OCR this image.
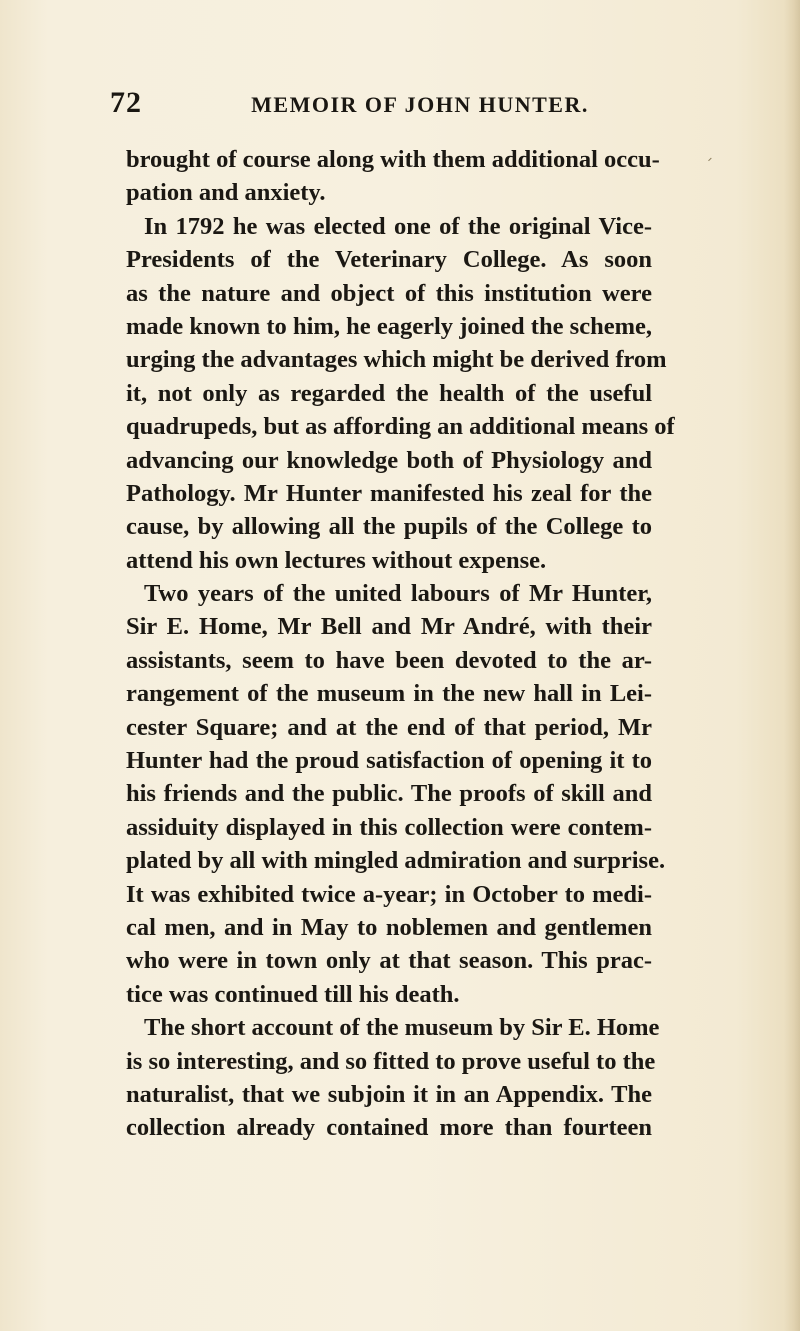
72	MEMOIR OF JOHN HUNTER.
brought of course along with them additional occu-
pation and anxiety.
In 1792 he was elected one of the original Vice-
Presidents of the Veterinary College. As soon
as the nature and object of this institution were
made known to him, he eagerly joined the scheme,
urging the advantages which might be derived from
it, not only as regarded the health of the useful
quadrupeds, but as affording an additional means of
advancing our knowledge both of Physiology and
Pathology. Mr Hunter manifested his zeal for the
cause, by allowing all the pupils of the College to
attend his own lectures without expense.
Two years of the united labours of Mr Hunter,
Sir E. Home, Mr Bell and Mr André, with their
assistants, seem to have been devoted to the ar-
rangement of the museum in the new hall in Lei-
cester Square; and at the end of that period, Mr
Hunter had the proud satisfaction of opening it to
his friends and the public. The proofs of skill and
assiduity displayed in this collection were contem-
plated by all with mingled admiration and surprise.
It was exhibited twice a-year; in October to medi-
cal men, and in May to noblemen and gentlemen
who were in town only at that season. This prac-
tice was continued till his death.
The short account of the museum by Sir E. Home
is so interesting, and so fitted to prove useful to the
naturalist, that we subjoin it in an Appendix. The
collection already contained more than fourteen
